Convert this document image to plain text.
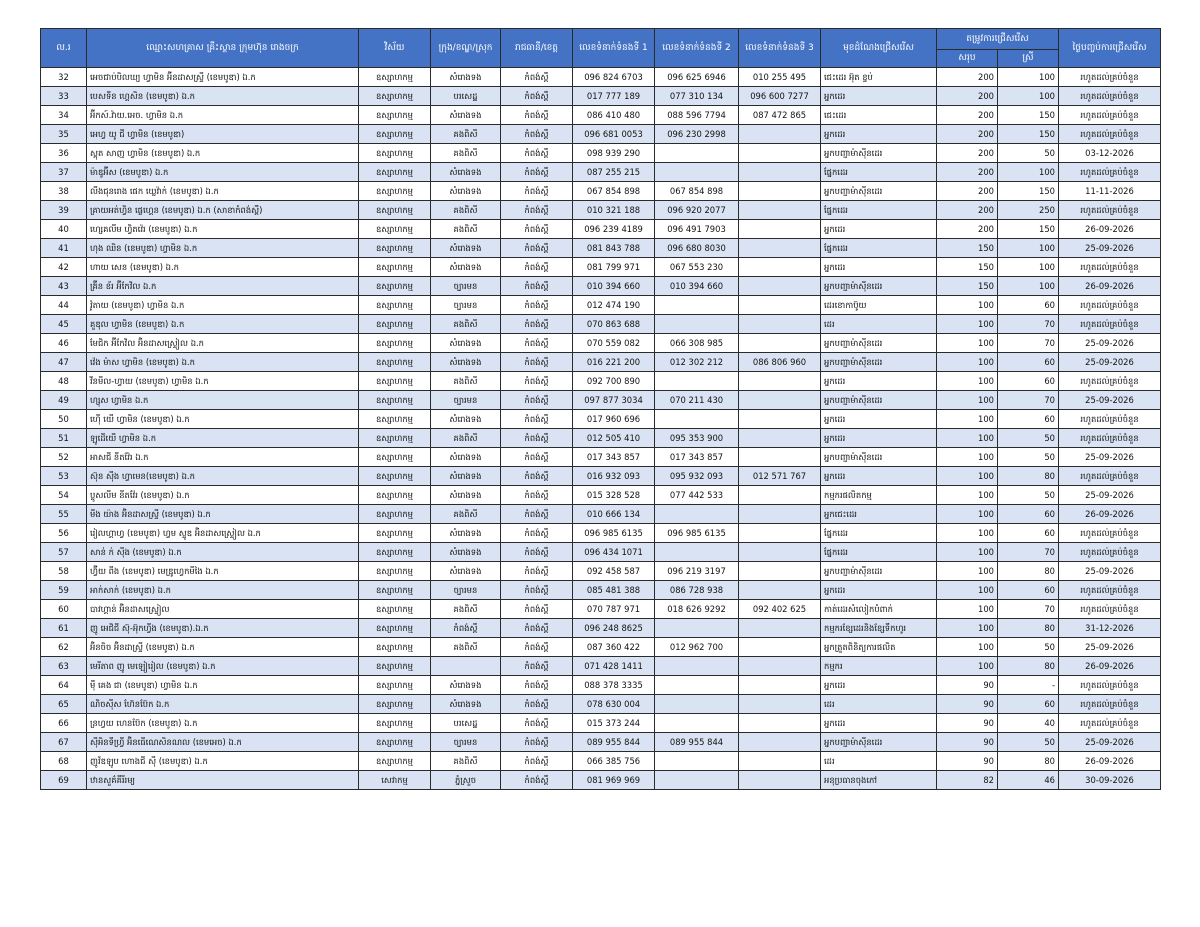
ល.រ	ឈ្មោះសហគ្រាស គ្រឹះស្ថាន ក្រុមហ៊ុន រោងចក្រ	វិស័យ	ក្រុង/ខណ្ឌ/ស្រុក	រាជធានី/ខេត្ត	លេខទំនាក់ទំនងទី 1	លេខទំនាក់ទំនងទី 2	លេខទំនាក់ទំនងទី 3	មុខដំណែងជ្រើសរើស	តម្រូវការជ្រើសរើស		ថ្ងៃបញ្ចប់ការជ្រើសរើស
									សរុប	ស្រី	
32	អេចជាប់បិលឃ្យ ហ្វាមិន អ៊ីនដាសស្ទ្រី (ខេមបូឌា) ឯ.ក	ឧស្សាហកម្ម	សំរោងទង	កំពង់ស្ពឺ	096 824 6703	096 625 6946	010 255 495	ជេះដេរ អ៊ុត ខ្ចប់	200	100	រហូតដល់គ្រប់ចំនួន
33	បេសទីន ហ្គេសិន (ខេមបូឌា) ឯ.ក	ឧស្សាហកម្ម	បរសេដ្ឋ	កំពង់ស្ពឺ	017 777 189	077 310 134	096 600 7277	អ្នកដេរ	200	100	រហូតដល់គ្រប់ចំនួន
34	អ៊ីកស៍.វ៉ាយ.អេច. ហ្វាមិន ឯ.ក	ឧស្សាហកម្ម	សំរោងទង	កំពង់ស្ពឺ	086 410 480	088 596 7794	087 472 865	ជេះដេរ	200	150	រហូតដល់គ្រប់ចំនួន
35	អេហ្វ យូ ជី ហ្វាមិន (ខេមបូឌា)	ឧស្សាហកម្ម	គងពិសី	កំពង់ស្ពឺ	096 681 0053	096 230 2998		អ្នកដេរ	200	150	រហូតដល់គ្រប់ចំនួន
36	ស្ពុត សាញ ហ្វាមិន (ខេមបូឌា) ឯ.ក	ឧស្សាហកម្ម	គងពិសី	កំពង់ស្ពឺ	098 939 290			អ្នកបញ្ជាម៉ាស៊ីនដេរ	200	50	03-12-2026
37	ម៉ាឌូអ៊ីស (ខេមបូឌា) ឯ.ក	ឧស្សាហកម្ម	សំរោងទង	កំពង់ស្ពឺ	087 255 215			ផ្នែកដេរ	200	100	រហូតដល់គ្រប់ចំនួន
38	លីងជុនរោង ផេក ឃ្លេវ៉ាក់ (ខេមបូឌា) ឯ.ក	ឧស្សាហកម្ម	សំរោងទង	កំពង់ស្ពឺ	067 854 898	067 854 898		អ្នកបញ្ជាម៉ាស៊ីនដេរ	200	150	11-11-2026
39	គ្រាយអត់ហ្វិន ផ្លេហ្គេន (ខេមបូឌា) ឯ.ក (សាខាកំពង់ស្ពឺ)	ឧស្សាហកម្ម	គងពិសី	កំពង់ស្ពឺ	010 321 188	096 920 2077		ផ្នែកដេរ	200	250	រហូតដល់គ្រប់ចំនួន
40	ហ្សេគលីម ហ្វិតវ៉េរ (ខេមបូឌា) ឯ.ក	ឧស្សាហកម្ម	គងពិសី	កំពង់ស្ពឺ	096 239 4189	096 491 7903		អ្នកដេរ	200	150	26-09-2026
41	ហុង ឈិន (ខេមបូឌា) ហ្វាមិន ឯ.ក	ឧស្សាហកម្ម	សំរោងទង	កំពង់ស្ពឺ	081 843 788	096 680 8030		ផ្នែកដេរ	150	100	25-09-2026
42	ហាយ សេន (ខេមបូឌា) ឯ.ក	ឧស្សាហកម្ម	សំរោងទង	កំពង់ស្ពឺ	081 799 971	067 553 230		អ្នកដេរ	150	100	រហូតដល់គ្រប់ចំនួន
43	គ្រ៊ីន ខ័រ អ៊ីកែវិល ឯ.ក	ឧស្សាហកម្ម	ច្បារមន	កំពង់ស្ពឺ	010 394 660	010 394 660		អ្នកបញ្ជាម៉ាស៊ីនដេរ	150	100	26-09-2026
44	វ៉ូតាយ (ខេមបូឌា) ហ្វាមិន ឯ.ក	ឧស្សាហកម្ម	ច្បារមន	កំពង់ស្ពឺ	012 474 190			ដេរខោកាប៊ូយ	100	60	រហូតដល់គ្រប់ចំនួន
45	គួឌុល ហ្វាមិន (ខេមបូឌា) ឯ.ក	ឧស្សាហកម្ម	គងពិសី	កំពង់ស្ពឺ	070 863 688			ដេរ	100	70	រហូតដល់គ្រប់ចំនួន
46	មែជិក អ៊ីកែវិល អ៊ិនដាសស្ទ្រៀល ឯ.ក	ឧស្សាហកម្ម	សំរោងទង	កំពង់ស្ពឺ	070 559 082	066 308 985		អ្នកបញ្ជាម៉ាស៊ីនដេរ	100	70	25-09-2026
47	វ៉េង ម៉ាស ហ្វាមិន (ខេមបូឌា) ឯ.ក	ឧស្សាហកម្ម	សំរោងទង	កំពង់ស្ពឺ	016 221 200	012 302 212	086 806 960	អ្នកបញ្ជាម៉ាស៊ីនដេរ	100	60	25-09-2026
48	វីនមីល-ហ្វាយ (ខេមបូឌា) ហ្វាមិន ឯ.ក	ឧស្សាហកម្ម	គងពិសី	កំពង់ស្ពឺ	092 700 890			អ្នកដេរ	100	60	រហូតដល់គ្រប់ចំនួន
49	ហ្សុស ហ្វាមិន ឯ.ក	ឧស្សាហកម្ម	ច្បារមន	កំពង់ស្ពឺ	097 877 3034	070 211 430		អ្នកបញ្ជាម៉ាស៊ីនដេរ	100	70	25-09-2026
50	ហ៊ើ យើ ហ្វាមិន (ខេមបូឌា) ឯ.ក	ឧស្សាហកម្ម	សំរោងទង	កំពង់ស្ពឺ	017 960 696			អ្នកដេរ	100	60	រហូតដល់គ្រប់ចំនួន
51	ឡូដើយើ ហ្វាមិន ឯ.ក	ឧស្សាហកម្ម	គងពិសី	កំពង់ស្ពឺ	012 505 410	095 353 900		អ្នកដេរ	100	50	រហូតដល់គ្រប់ចំនួន
52	អាសជី នីតវ៉ែរ ឯ.ក	ឧស្សាហកម្ម	សំរោងទង	កំពង់ស្ពឺ	017 343 857	017 343 857		អ្នកបញ្ជាម៉ាស៊ីនដេរ	100	50	25-09-2026
53	ស៊ុន ស៊ីង ហ្វាមេន(ខេមបូឌា) ឯ.ក	ឧស្សាហកម្ម	សំរោងទង	កំពង់ស្ពឺ	016 932 093	095 932 093	012 571 767	អ្នកដេរ	100	80	រហូតដល់គ្រប់ចំនួន
54	ប្លូសលីម នីតវ៉ែរ (ខេមបូឌា) ឯ.ក	ឧស្សាហកម្ម	សំរោងទង	កំពង់ស្ពឺ	015 328 528	077 442 533		កម្មករផលិតកម្ម	100	50	25-09-2026
55	មីង យ៉ាង អ៊ិនដាសស្ទ្រី (ខេមបូឌា) ឯ.ក	ឧស្សាហកម្ម	គងពិសី	កំពង់ស្ពឺ	010 666 134			អ្នកជេះដេរ	100	60	26-09-2026
56	រៀលហ្គាហ្វ (ខេមបូឌា) ហ្វម ស្ទូឌ អ៊ិនដាសស្ទ្រៀល ឯ.ក	ឧស្សាហកម្ម	សំរោងទង	កំពង់ស្ពឺ	096 985 6135	096 985 6135		ផ្នែកដេរ	100	60	រហូតដល់គ្រប់ចំនួន
57	សាន់ ក់ ស៊ីង (ខេមបូឌា) ឯ.ក	ឧស្សាហកម្ម	សំរោងទង	កំពង់ស្ពឺ	096 434 1071			ផ្នែកដេរ	100	70	រហូតដល់គ្រប់ចំនួន
58	ហ្វ៊ីយ ពីង (ខេមបូឌា) មេឌ្រូហ្វេកមីងៃ ឯ.ក	ឧស្សាហកម្ម	សំរោងទង	កំពង់ស្ពឺ	092 458 587	096 219 3197		អ្នកបញ្ជាម៉ាស៊ីនដេរ	100	80	25-09-2026
59	អាក់សាក់ (ខេមបូឌា) ឯ.ក	ឧស្សាហកម្ម	ច្បារមន	កំពង់ស្ពឺ	085 481 388	086 728 938		អ្នកដេរ	100	60	រហូតដល់គ្រប់ចំនួន
60	បាវហ្គាន់ អ៊ិនដាសស្ទ្រៀល	ឧស្សាហកម្ម	គងពិសី	កំពង់ស្ពឺ	070 787 971	018 626 9292	092 402 625	កាត់ដេរសំលៀកបំពាក់	100	70	រហូតដល់គ្រប់ចំនួន
61	ញូ អេជិជី ស៊ុ-អ៊ុកហ្វីង (ខេមបូឌា).ឯ.ក	ឧស្សាហកម្ម	កំពង់ស្ពឺ	កំពង់ស្ពឺ	096 248 8625			កម្មករខ្សែដេរនិងខ្សែទឹកហូរ	100	80	31-12-2026
62	អ៊ិនចិច អ៊ិនដាស្ទ្រី (ខេមបូឌា) ឯ.ក	ឧស្សាហកម្ម	គងពិសី	កំពង់ស្ពឺ	087 360 422	012 962 700		អ្នកត្រួតពិនិត្យការផលិត	100	50	25-09-2026
63	មេរីតាព ញូ មេឡៀរៀល (ខេមបូឌា) ឯ.ក	ឧស្សាហកម្ម		កំពង់ស្ពឺ	071 428 1411			កម្មករ	100	80	26-09-2026
64	ម៉ឺ គេង ជា (ខេមបូឌា) ហ្វាមិន ឯ.ក	ឧស្សាហកម្ម	សំរោងទង	កំពង់ស្ពឺ	088 378 3335			អ្នកដេរ	90	-	រហូតដល់គ្រប់ចំនួន
65	ណិចស៊ីស ហ៊ែនប៊ែក ឯ.ក	ឧស្សាហកម្ម	សំរោងទង	កំពង់ស្ពឺ	078 630 004			ដេរ	90	60	រហូតដល់គ្រប់ចំនួន
66	ន្រហ្វយ ហេនប៊ែក (ខេមបូឌា) ឯ.ក	ឧស្សាហកម្ម	បរសេដ្ឋ	កំពង់ស្ពឺ	015 373 244			អ្នកដេរ	90	40	រហូតដល់គ្រប់ចំនួន
67	ស៊ីអិនទីហ្វ្រី អ៊ិនធើណេសិនណល (ខេមអេច) ឯ.ក	ឧស្សាហកម្ម	ច្បារមន	កំពង់ស្ពឺ	089 955 844	089 955 844		អ្នកបញ្ជាម៉ាស៊ីនដេរ	90	50	25-09-2026
68	ញូវ័ឌឡូប ហោងជី ស៊ី (ខេមបូឌា) ឯ.ក	ឧស្សាហកម្ម	គងពិសី	កំពង់ស្ពឺ	066 385 756			ដេរ	90	80	26-09-2026
69	ឋានសួគ៌គីរីរម្យ	សេវាកម្ម	ភ្នំស្រួច	កំពង់ស្ពឺ	081 969 969			អនុប្រធានចុងភៅ	82	46	30-09-2026
